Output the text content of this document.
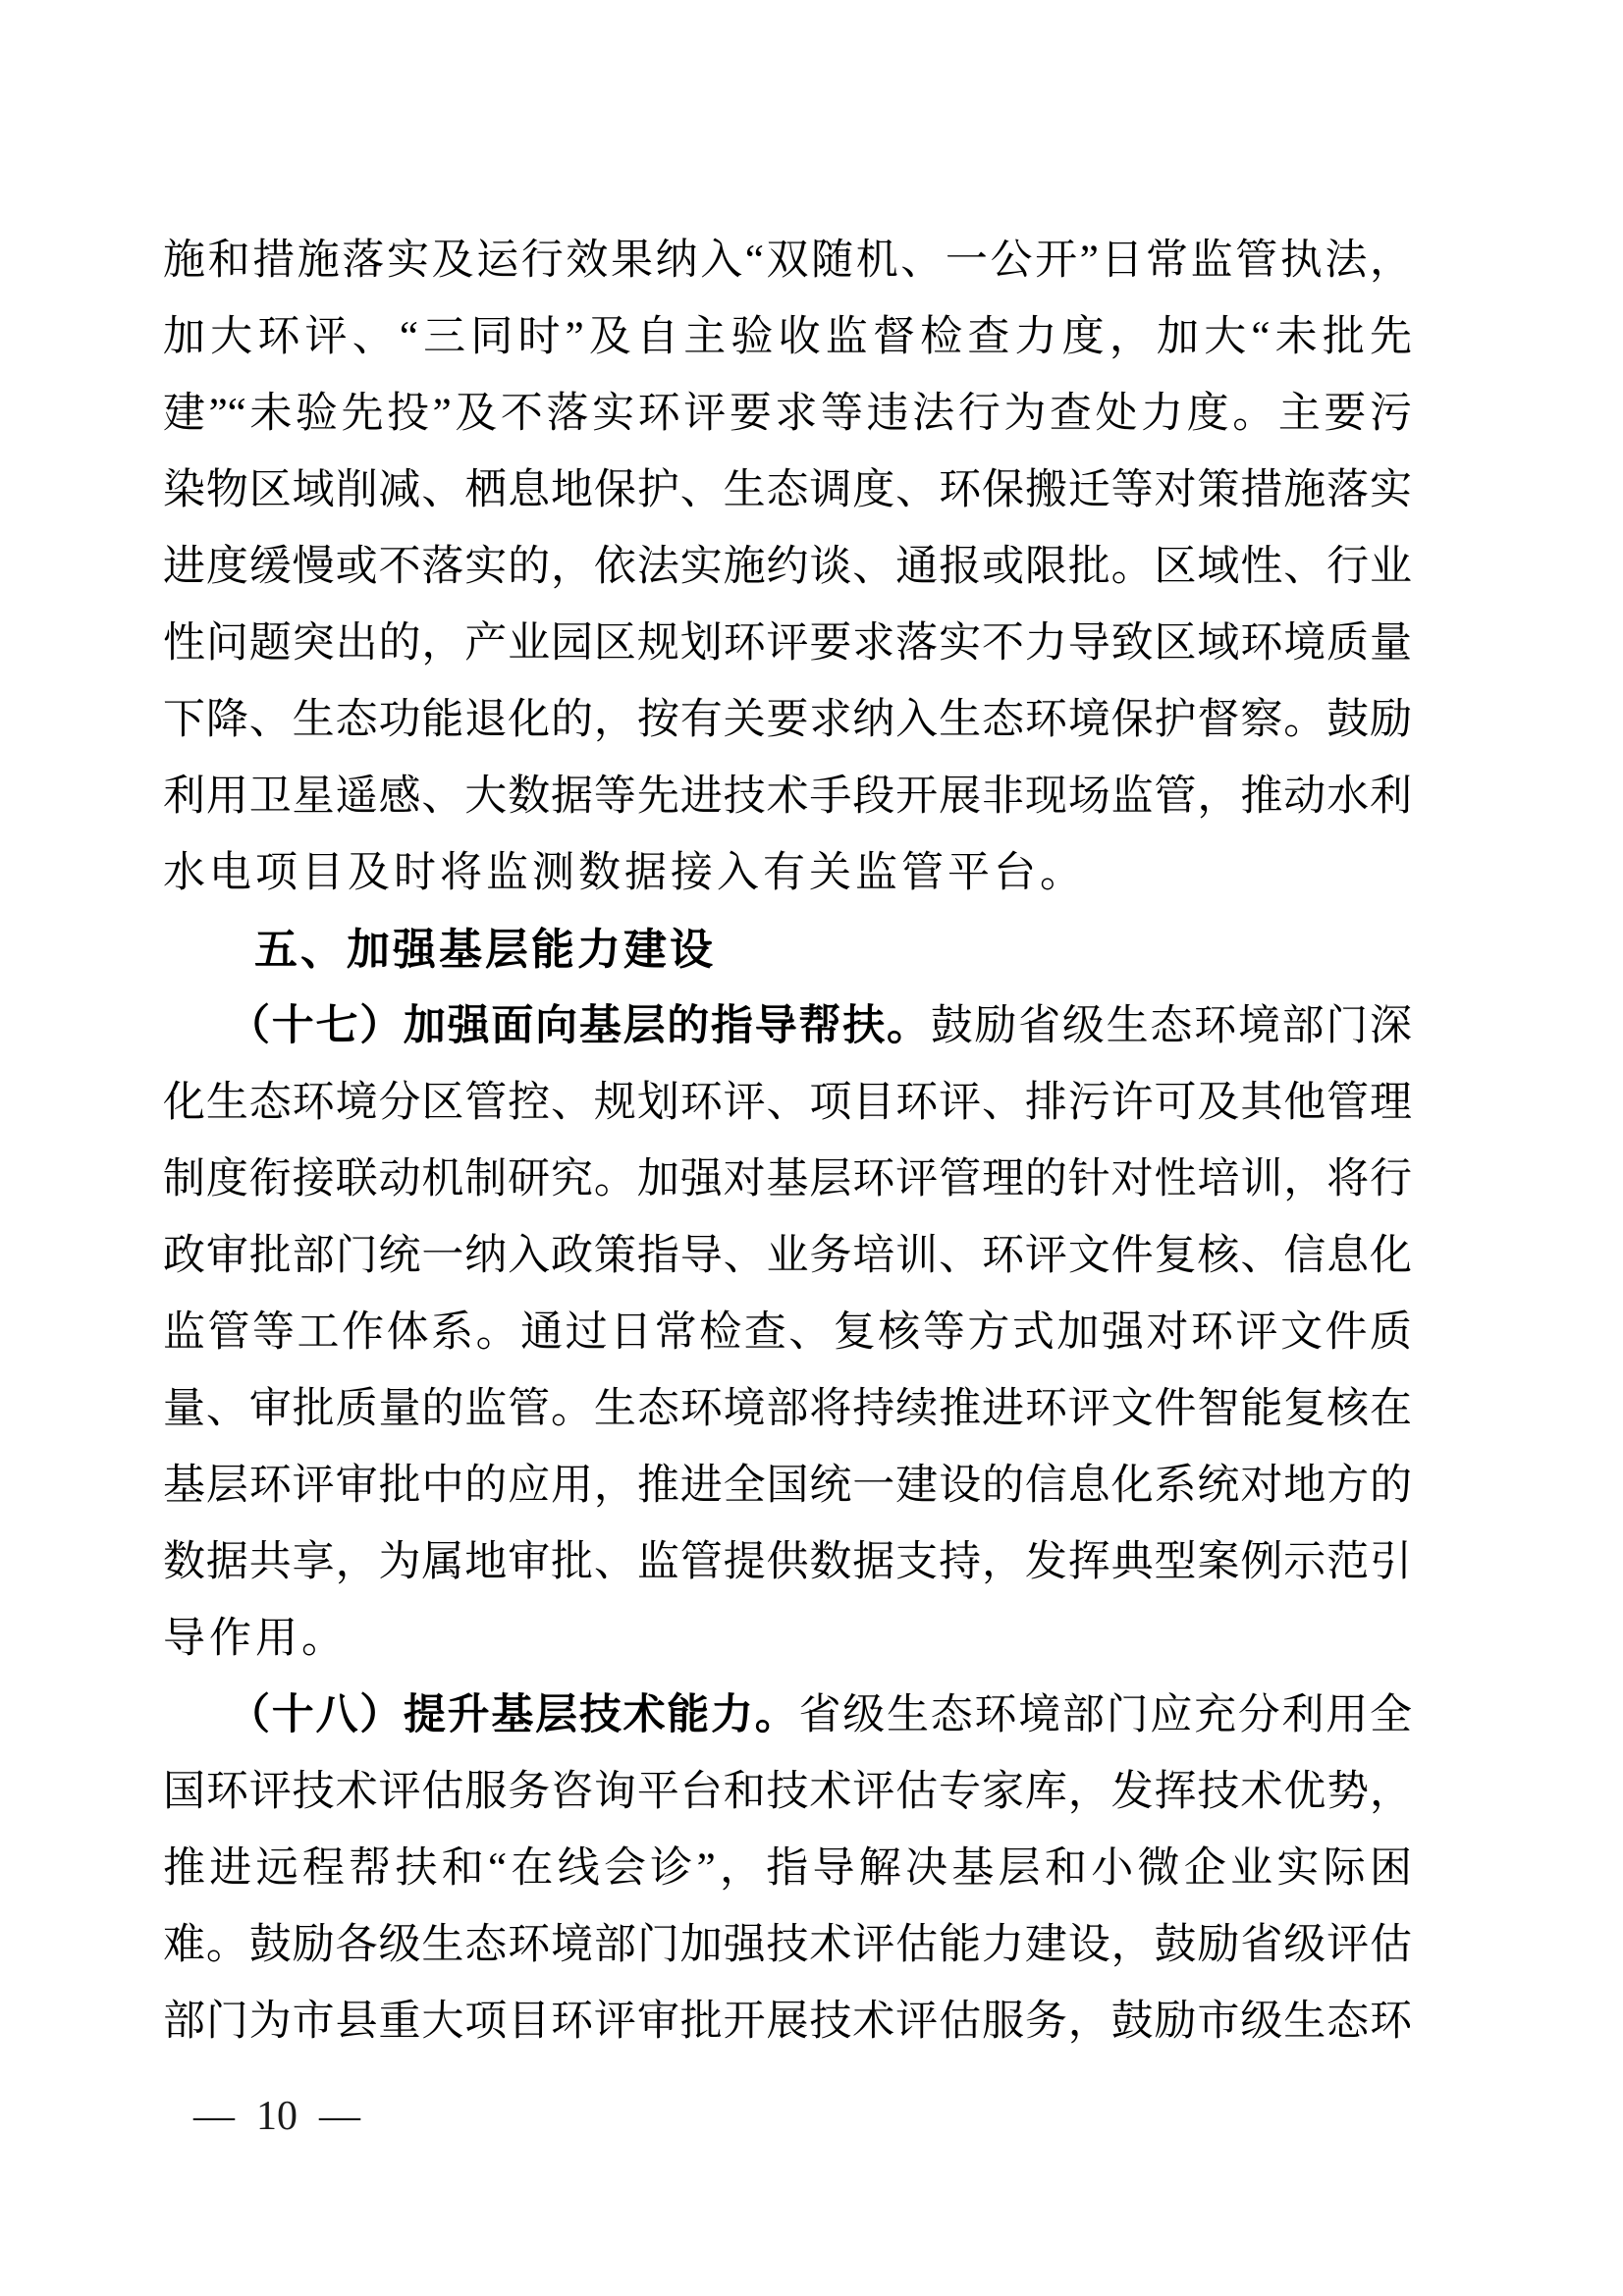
施和措施落实及运行效果纳入“双随机、一公开”日常监管执法，
加大环评、“三同时”及自主验收监督检查力度，加大“未批先
建”“未验先投”及不落实环评要求等违法行为查处力度。主要污
染物区域削减、栖息地保护、生态调度、环保搬迁等对策措施落实
进度缓慢或不落实的，依法实施约谈、通报或限批。区域性、行业
性问题突出的，产业园区规划环评要求落实不力导致区域环境质量
下降、生态功能退化的，按有关要求纳入生态环境保护督察。鼓励
利用卫星遥感、大数据等先进技术手段开展非现场监管，推动水利
水电项目及时将监测数据接入有关监管平台。
五、加强基层能力建设
（十七）加强面向基层的指导帮扶。鼓励省级生态环境部门深
化生态环境分区管控、规划环评、项目环评、排污许可及其他管理
制度衔接联动机制研究。加强对基层环评管理的针对性培训，将行
政审批部门统一纳入政策指导、业务培训、环评文件复核、信息化
监管等工作体系。通过日常检查、复核等方式加强对环评文件质
量、审批质量的监管。生态环境部将持续推进环评文件智能复核在
基层环评审批中的应用，推进全国统一建设的信息化系统对地方的
数据共享，为属地审批、监管提供数据支持，发挥典型案例示范引
导作用。
（十八）提升基层技术能力。省级生态环境部门应充分利用全
国环评技术评估服务咨询平台和技术评估专家库，发挥技术优势，
推进远程帮扶和“在线会诊”，指导解决基层和小微企业实际困
难。鼓励各级生态环境部门加强技术评估能力建设，鼓励省级评估
部门为市县重大项目环评审批开展技术评估服务，鼓励市级生态环
— 10 —
